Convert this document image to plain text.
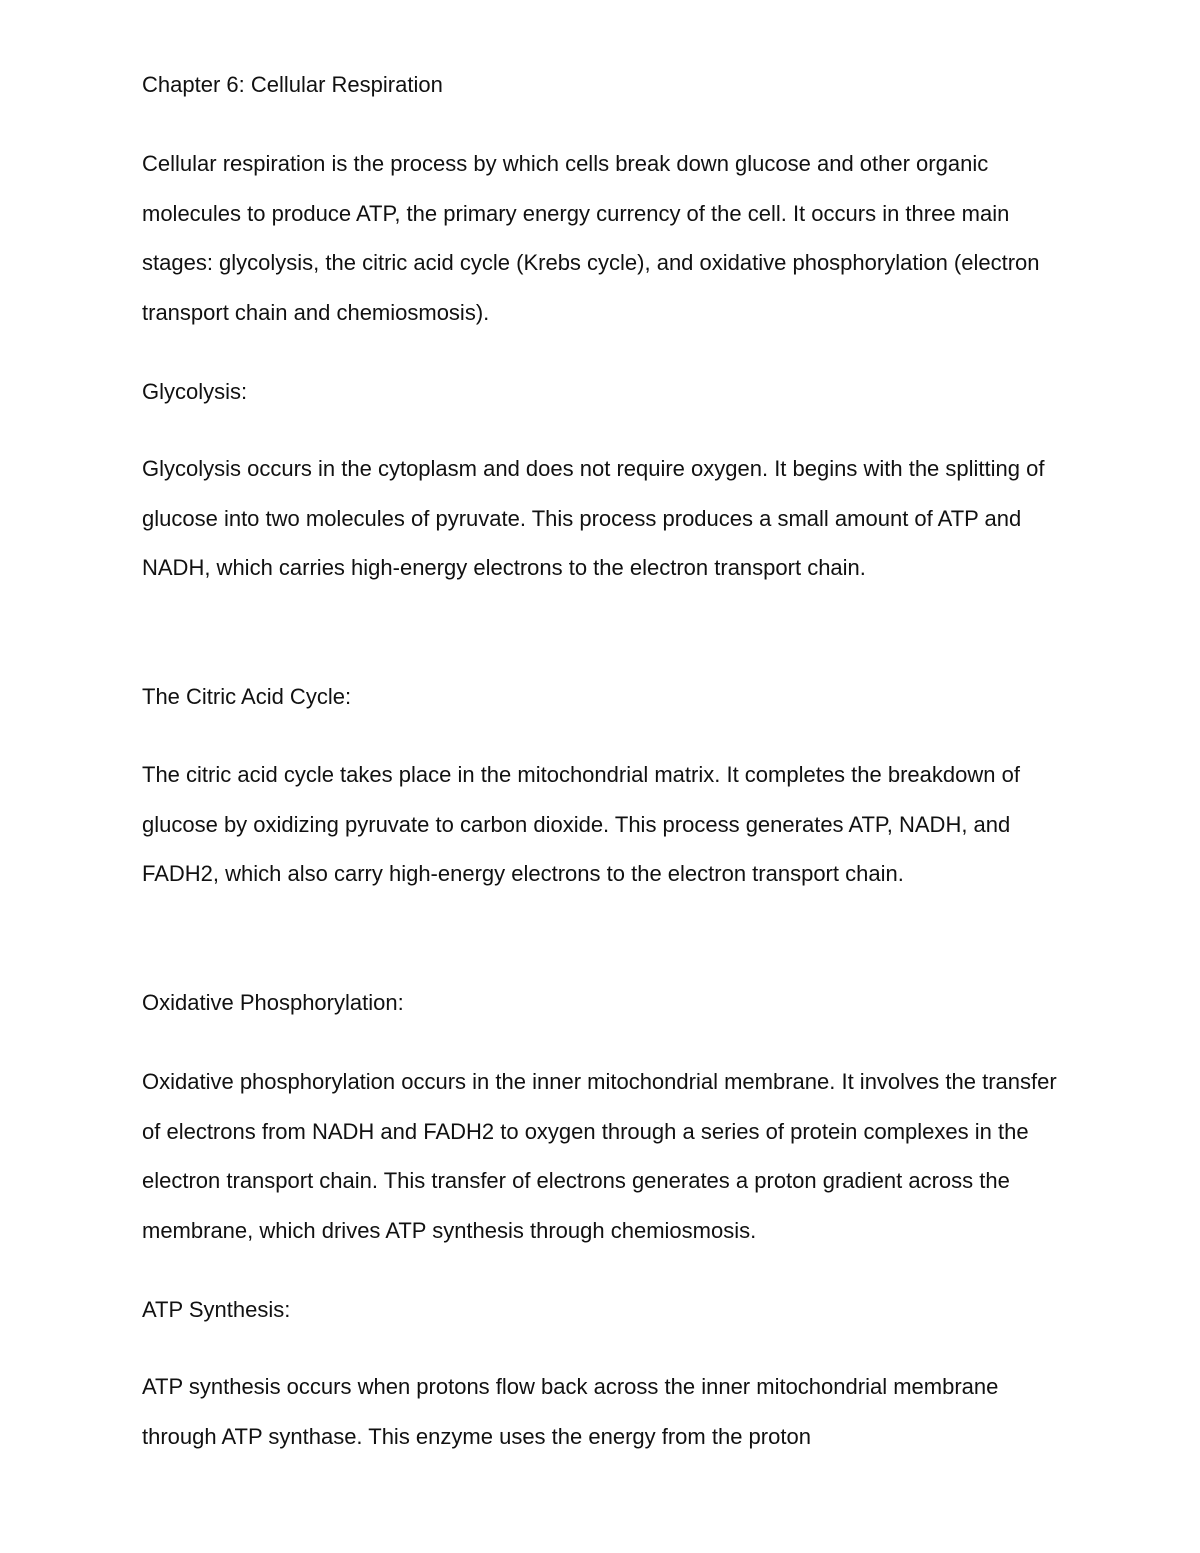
Chapter 6: Cellular Respiration

Cellular respiration is the process by which cells break down glucose and other organic molecules to produce ATP, the primary energy currency of the cell. It occurs in three main stages: glycolysis, the citric acid cycle (Krebs cycle), and oxidative phosphorylation (electron transport chain and chemiosmosis).

Glycolysis:

Glycolysis occurs in the cytoplasm and does not require oxygen. It begins with the splitting of glucose into two molecules of pyruvate. This process produces a small amount of ATP and NADH, which carries high-energy electrons to the electron transport chain.

The Citric Acid Cycle:

The citric acid cycle takes place in the mitochondrial matrix. It completes the breakdown of glucose by oxidizing pyruvate to carbon dioxide. This process generates ATP, NADH, and FADH2, which also carry high-energy electrons to the electron transport chain.

Oxidative Phosphorylation:

Oxidative phosphorylation occurs in the inner mitochondrial membrane. It involves the transfer of electrons from NADH and FADH2 to oxygen through a series of protein complexes in the electron transport chain. This transfer of electrons generates a proton gradient across the membrane, which drives ATP synthesis through chemiosmosis.

ATP Synthesis:

ATP synthesis occurs when protons flow back across the inner mitochondrial membrane through ATP synthase. This enzyme uses the energy from the proton
